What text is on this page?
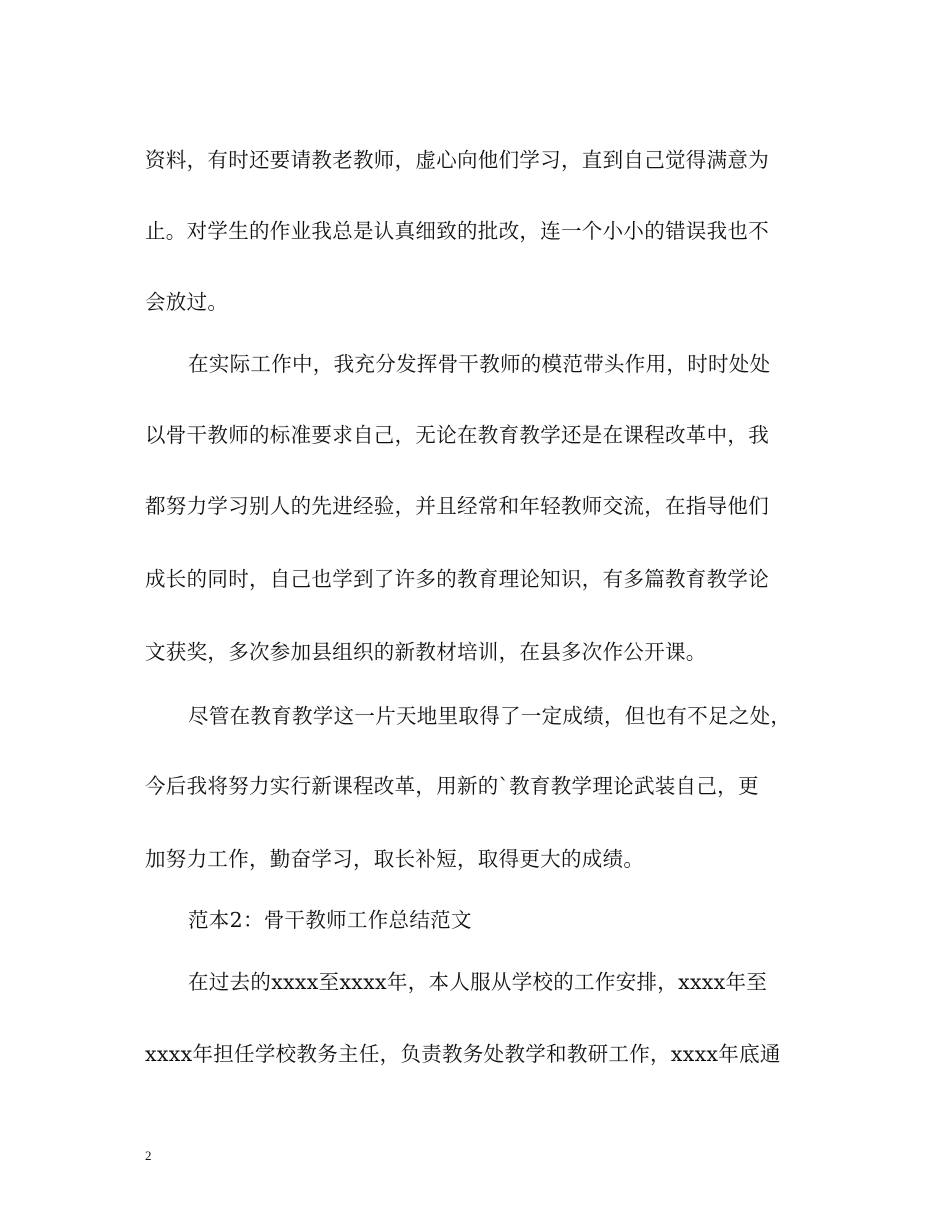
资料，有时还要请教老教师，虚心向他们学习，直到自己觉得满意为
止。对学生的作业我总是认真细致的批改，连一个小小的错误我也不
会放过。
在实际工作中，我充分发挥骨干教师的模范带头作用，时时处处
以骨干教师的标准要求自己，无论在教育教学还是在课程改革中，我
都努力学习别人的先进经验，并且经常和年轻教师交流，在指导他们
成长的同时，自己也学到了许多的教育理论知识，有多篇教育教学论
文获奖，多次参加县组织的新教材培训，在县多次作公开课。
尽管在教育教学这一片天地里取得了一定成绩，但也有不足之处，
今后我将努力实行新课程改革，用新的`教育教学理论武装自己，更
加努力工作，勤奋学习，取长补短，取得更大的成绩。
范本2：骨干教师工作总结范文
在过去的xxxx至xxxx年，本人服从学校的工作安排，xxxx年至
xxxx年担任学校教务主任，负责教务处教学和教研工作，xxxx年底通
2
